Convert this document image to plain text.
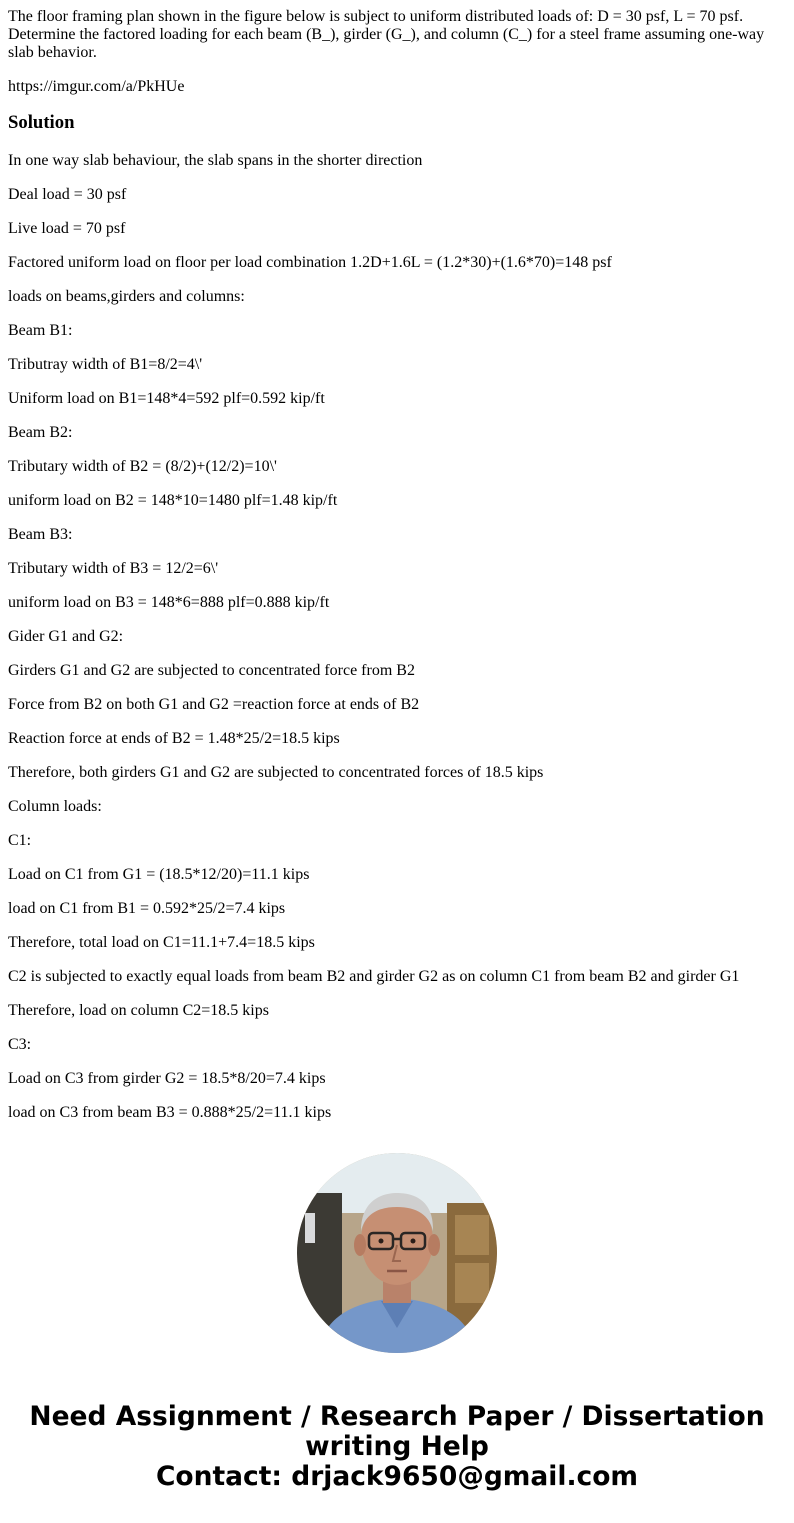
The floor framing plan shown in the figure below is subject to uniform distributed loads of: D = 30 psf, L = 70 psf. Determine the factored loading for each beam (B_), girder (G_), and column (C_) for a steel frame assuming one-way slab behavior.

https://imgur.com/a/PkHUe

Solution

In one way slab behaviour, the slab spans in the shorter direction

Deal load = 30 psf

Live load = 70 psf

Factored uniform load on floor per load combination 1.2D+1.6L = (1.2*30)+(1.6*70)=148 psf

loads on beams,girders and columns:

Beam B1:

Tributray width of B1=8/2=4\'

Uniform load on B1=148*4=592 plf=0.592 kip/ft

Beam B2:

Tributary width of B2 = (8/2)+(12/2)=10\'

uniform load on B2 = 148*10=1480 plf=1.48 kip/ft

Beam B3:

Tributary width of B3 = 12/2=6\'

uniform load on B3 = 148*6=888 plf=0.888 kip/ft

Gider G1 and G2:

Girders G1 and G2 are subjected to concentrated force from B2

Force from B2 on both G1 and G2 =reaction force at ends of B2

Reaction force at ends of B2 = 1.48*25/2=18.5 kips

Therefore, both girders G1 and G2 are subjected to concentrated forces of 18.5 kips

Column loads:

C1:

Load on C1 from G1 = (18.5*12/20)=11.1 kips

load on C1 from B1 = 0.592*25/2=7.4 kips

Therefore, total load on C1=11.1+7.4=18.5 kips

C2 is subjected to exactly equal loads from beam B2 and girder G2 as on column C1 from beam B2 and girder G1

Therefore, load on column C2=18.5 kips

C3:

Load on C3 from girder G2 = 18.5*8/20=7.4 kips

load on C3 from beam B3 = 0.888*25/2=11.1 kips

Need Assignment / Research Paper / Dissertation
writing Help
Contact: drjack9650@gmail.com
